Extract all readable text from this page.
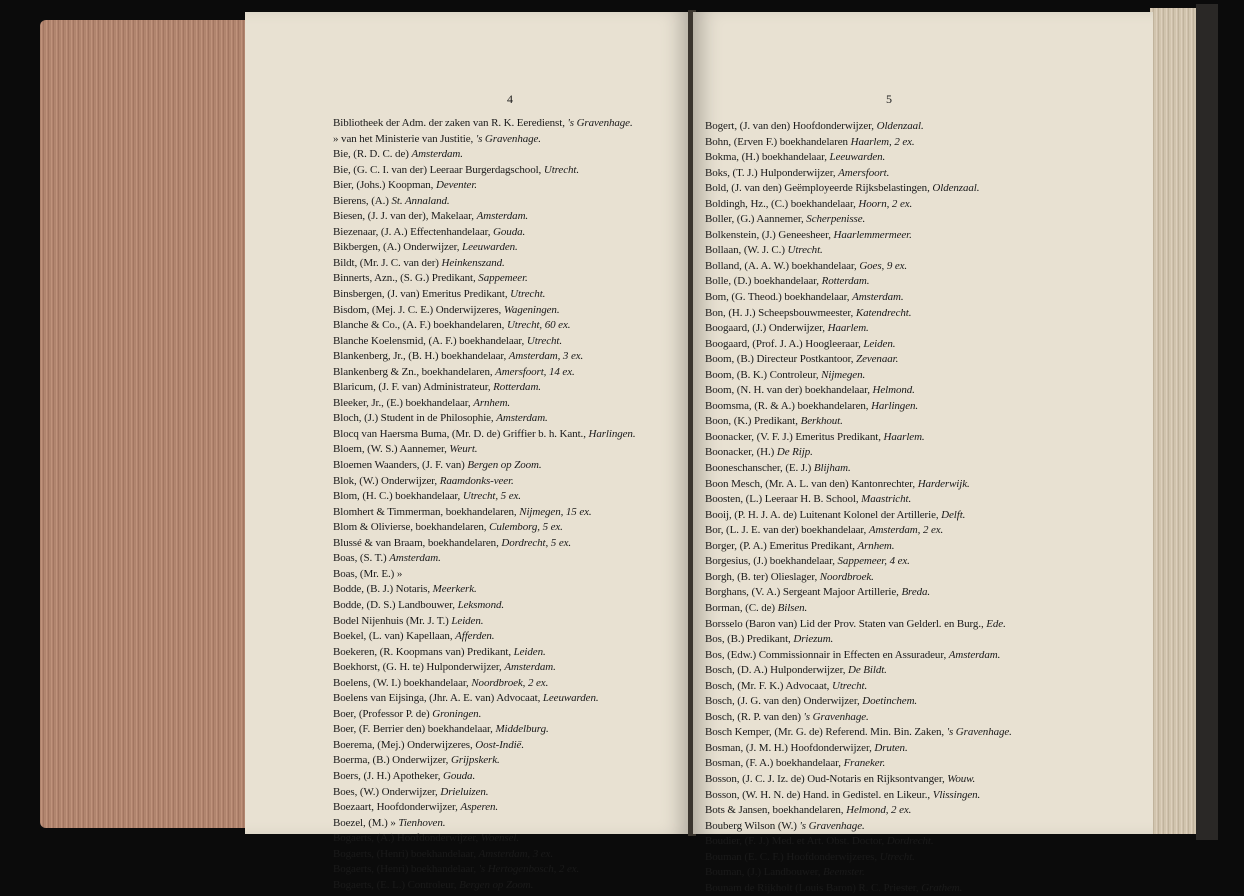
4
Bibliotheek der Adm. der zaken van R. K. Eeredienst, 's Gravenhage.
» van het Ministerie van Justitie, 's Gravenhage.
Bie, (R. D. C. de) Amsterdam.
Bie, (G. C. I. van der) Leeraar Burgerdagschool, Utrecht.
Bier, (Johs.) Koopman, Deventer.
Bierens, (A.) St. Annaland.
Biesen, (J. J. van der), Makelaar, Amsterdam.
Biezenaar, (J. A.) Effectenhandelaar, Gouda.
Bikbergen, (A.) Onderwijzer, Leeuwarden.
Bildt, (Mr. J. C. van der) Heinkenszand.
Binnerts, Azn., (S. G.) Predikant, Sappemeer.
Binsbergen, (J. van) Emeritus Predikant, Utrecht.
Bisdom, (Mej. J. C. E.) Onderwijzeres, Wageningen.
Blanche & Co., (A. F.) boekhandelaren, Utrecht, 60 ex.
Blanche Koelensmid, (A. F.) boekhandelaar, Utrecht.
Blankenberg, Jr., (B. H.) boekhandelaar, Amsterdam, 3 ex.
Blankenberg & Zn., boekhandelaren, Amersfoort, 14 ex.
Blaricum, (J. F. van) Administrateur, Rotterdam.
Bleeker, Jr., (E.) boekhandelaar, Arnhem.
Bloch, (J.) Student in de Philosophie, Amsterdam.
Blocq van Haersma Buma, (Mr. D. de) Griffier b. h. Kant., Harlingen.
Bloem, (W. S.) Aannemer, Weurt.
Bloemen Waanders, (J. F. van) Bergen op Zoom.
Blok, (W.) Onderwijzer, Raamdonks-veer.
Blom, (H. C.) boekhandelaar, Utrecht, 5 ex.
Blomhert & Timmerman, boekhandelaren, Nijmegen, 15 ex.
Blom & Olivierse, boekhandelaren, Culemborg, 5 ex.
Blussé & van Braam, boekhandelaren, Dordrecht, 5 ex.
Boas, (S. T.) Amsterdam.
Boas, (Mr. E.) »
Bodde, (B. J.) Notaris, Meerkerk.
Bodde, (D. S.) Landbouwer, Leksmond.
Bodel Nijenhuis (Mr. J. T.) Leiden.
Boekel, (L. van) Kapellaan, Afferden.
Boekeren, (R. Koopmans van) Predikant, Leiden.
Boekhorst, (G. H. te) Hulponderwijzer, Amsterdam.
Boelens, (W. I.) boekhandelaar, Noordbroek, 2 ex.
Boelens van Eijsinga, (Jhr. A. E. van) Advocaat, Leeuwarden.
Boer, (Professor P. de) Groningen.
Boer, (F. Berrier den) boekhandelaar, Middelburg.
Boerema, (Mej.) Onderwijzeres, Oost-Indië.
Boerma, (B.) Onderwijzer, Grijpskerk.
Boers, (J. H.) Apotheker, Gouda.
Boes, (W.) Onderwijzer, Drieluizen.
Boezaart, Hoofdonderwijzer, Asperen.
Boezel, (M.) » Tienhoven.
Bogaerts, (A.) Hoofdonderwijzer, Woensel.
Bogaerts, (Henri) boekhandelaar, Amsterdam, 3 ex.
Bogaerts, (Henri) boekhandelaar, 's Hertogenbosch, 2 ex.
Bogaerts, (E. L.) Controleur, Bergen op Zoom.
5
Bogert, (J. van den) Hoofdonderwijzer, Oldenzaal.
Bohn, (Erven F.) boekhandelaren Haarlem, 2 ex.
Bokma, (H.) boekhandelaar, Leeuwarden.
Boks, (T. J.) Hulponderwijzer, Amersfoort.
Bold, (J. van den) Geëmployeerde Rijksbelastingen, Oldenzaal.
Boldingh, Hz., (C.) boekhandelaar, Hoorn, 2 ex.
Boller, (G.) Aannemer, Scherpenisse.
Bolkenstein, (J.) Geneesheer, Haarlemmermeer.
Bollaan, (W. J. C.) Utrecht.
Bolland, (A. A. W.) boekhandelaar, Goes, 9 ex.
Bolle, (D.) boekhandelaar, Rotterdam.
Bom, (G. Theod.) boekhandelaar, Amsterdam.
Bon, (H. J.) Scheepsbouwmeester, Katendrecht.
Boogaard, (J.) Onderwijzer, Haarlem.
Boogaard, (Prof. J. A.) Hoogleeraar, Leiden.
Boom, (B.) Directeur Postkantoor, Zevenaar.
Boom, (B. K.) Controleur, Nijmegen.
Boom, (N. H. van der) boekhandelaar, Helmond.
Boomsma, (R. & A.) boekhandelaren, Harlingen.
Boon, (K.) Predikant, Berkhout.
Boonacker, (V. F. J.) Emeritus Predikant, Haarlem.
Boonacker, (H.) De Rijp.
Booneschanscher, (E. J.) Blijham.
Boon Mesch, (Mr. A. L. van den) Kantonrechter, Harderwijk.
Boosten, (L.) Leeraar H. B. School, Maastricht.
Booij, (P. H. J. A. de) Luitenant Kolonel der Artillerie, Delft.
Bor, (L. J. E. van der) boekhandelaar, Amsterdam, 2 ex.
Borger, (P. A.) Emeritus Predikant, Arnhem.
Borgesius, (J.) boekhandelaar, Sappemeer, 4 ex.
Borgh, (B. ter) Olieslager, Noordbroek.
Borghans, (V. A.) Sergeant Majoor Artillerie, Breda.
Borman, (C. de) Bilsen.
Borsselo (Baron van) Lid der Prov. Staten van Gelderl. en Burg., Ede.
Bos, (B.) Predikant, Driezum.
Bos, (Edw.) Commissionnair in Effecten en Assuradeur, Amsterdam.
Bosch, (D. A.) Hulponderwijzer, De Bildt.
Bosch, (Mr. F. K.) Advocaat, Utrecht.
Bosch, (J. G. van den) Onderwijzer, Doetinchem.
Bosch, (R. P. van den) 's Gravenhage.
Bosch Kemper, (Mr. G. de) Referend. Min. Bin. Zaken, 's Gravenhage.
Bosman, (J. M. H.) Hoofdonderwijzer, Druten.
Bosman, (F. A.) boekhandelaar, Franeker.
Bosson, (J. C. J. Iz. de) Oud-Notaris en Rijksontvanger, Wouw.
Bosson, (W. H. N. de) Hand. in Gedistel. en Likeur., Vlissingen.
Bots & Jansen, boekhandelaren, Helmond, 2 ex.
Bouberg Wilson (W.) 's Gravenhage.
Boudier, (F. J.) Med. et Art. Obst. Doctor, Dordrecht.
Bouman (E. C. F.) Hoofdonderwijzeres, Utrecht.
Bouman, (J.) Landbouwer, Beemster.
Bounam de Rijkholt (Louis Baron) R. C. Priester, Grathem.
